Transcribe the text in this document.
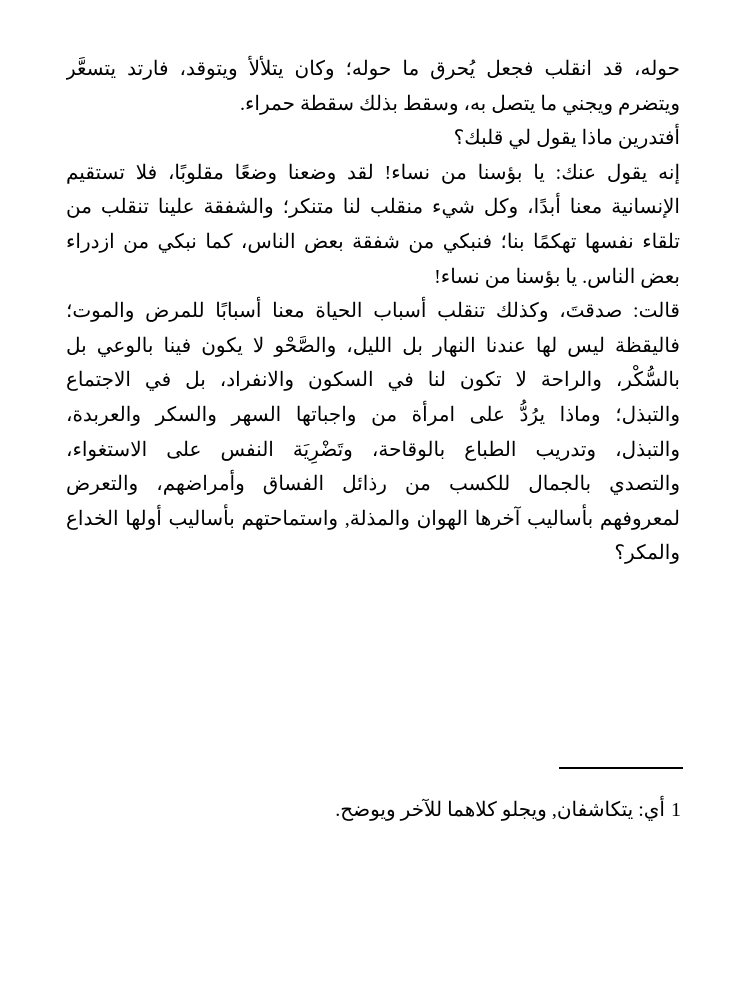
حوله، قد انقلب فجعل يُحرق ما حوله؛ وكان يتلألأ ويتوقد، فارتد يتسعَّر
ويتضرم ويجني ما يتصل به، وسقط بذلك سقطة حمراء.
أفتدرين ماذا يقول لي قلبك؟
إنه يقول عنك: يا بؤسنا من نساء! لقد وضعنا وضعًا مقلوبًا، فلا تستقيم
الإنسانية معنا أبدًا، وكل شيء منقلب لنا متنكر؛ والشفقة علينا تنقلب من
تلقاء نفسها تهكمًا بنا؛ فنبكي من شفقة بعض الناس، كما نبكي من ازدراء
بعض الناس. يا بؤسنا من نساء!
قالت: صدقتَ، وكذلك تنقلب أسباب الحياة معنا أسبابًا للمرض والموت؛
فاليقظة ليس لها عندنا النهار بل الليل، والصَّحْو لا يكون فينا بالوعي بل
بالسُّكْر، والراحة لا تكون لنا في السكون والانفراد، بل في الاجتماع
والتبذل؛ وماذا يرُدُّ على امرأة من واجباتها السهر والسكر والعربدة،
والتبذل، وتدريب الطباع بالوقاحة، وتَضْرِيَة النفس على الاستغواء،
والتصدي بالجمال للكسب من رذائل الفساق وأمراضهم، والتعرض
لمعروفهم بأساليب آخرها الهوان والمذلة, واستماحتهم بأساليب أولها الخداع
والمكر؟
1أي: يتكاشفان, ويجلو كلاهما للآخر ويوضح.
